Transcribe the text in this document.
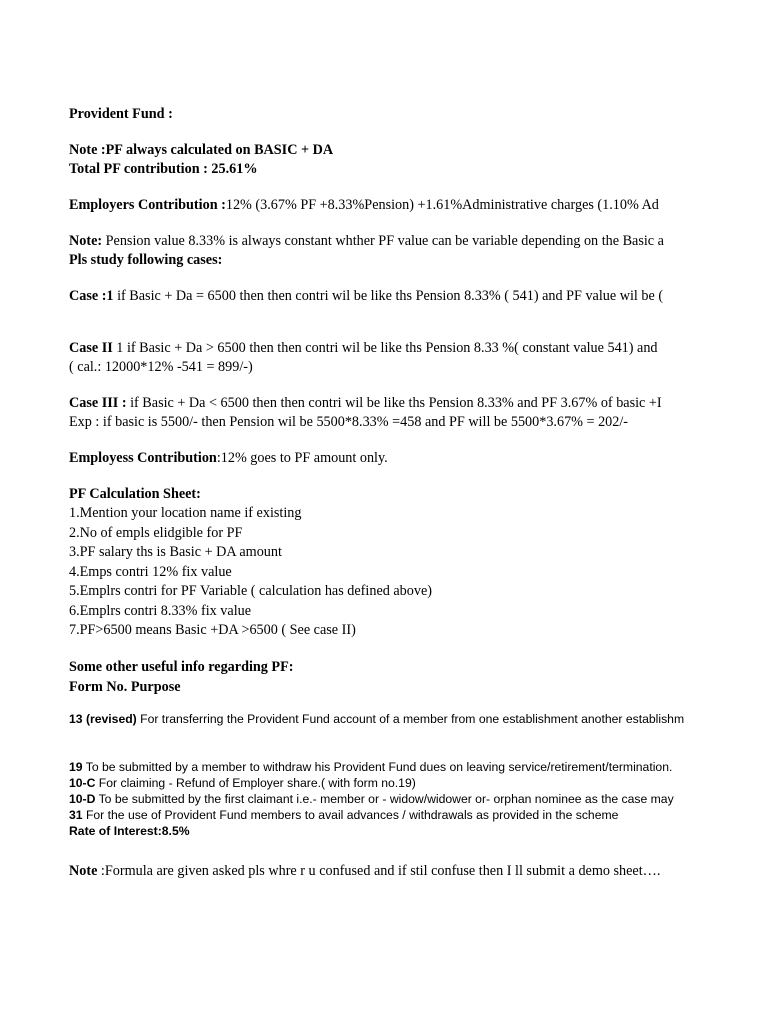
Provident Fund :
Note :PF always calculated on BASIC + DA
Total PF contribution : 25.61%
Employers Contribution :12% (3.67% PF +8.33%Pension) +1.61%Administrative charges (1.10% Ad
Note: Pension value 8.33% is always constant whther PF value can be variable depending on the Basic a
Pls study following cases:
Case :1 if Basic + Da = 6500 then then contri wil be like ths Pension 8.33% ( 541) and PF value wil be (
Case II 1 if Basic + Da > 6500 then then contri wil be like ths Pension 8.33 %( constant value 541) and
( cal.: 12000*12% -541 = 899/-)
Case III : if Basic + Da < 6500 then then contri wil be like ths Pension 8.33% and PF 3.67% of basic +I
Exp : if basic is 5500/- then Pension wil be 5500*8.33% =458 and PF will be 5500*3.67% = 202/-
Employess Contribution:12% goes to PF amount only.
PF Calculation Sheet:
1.Mention your location name if existing
2.No of empls elidgible for PF
3.PF salary ths is Basic + DA amount
4.Emps contri 12% fix value
5.Emplrs contri for PF Variable ( calculation has defined above)
6.Emplrs contri 8.33% fix value
7.PF>6500 means Basic +DA >6500 ( See case II)
Some other useful info regarding PF:
Form No. Purpose
13 (revised) For transferring the Provident Fund account of a member from one establishment another establishm
19 To be submitted by a member to withdraw his Provident Fund dues on leaving service/retirement/termination.
10-C For claiming - Refund of Employer share.( with form no.19)
10-D To be submitted by the first claimant i.e.- member or - widow/widower or- orphan nominee as the case may
31 For the use of Provident Fund members to avail advances / withdrawals as provided in the scheme
Rate of Interest:8.5%
Note :Formula are given asked pls whre r u confused and if stil confuse then I ll submit a demo sheet….
